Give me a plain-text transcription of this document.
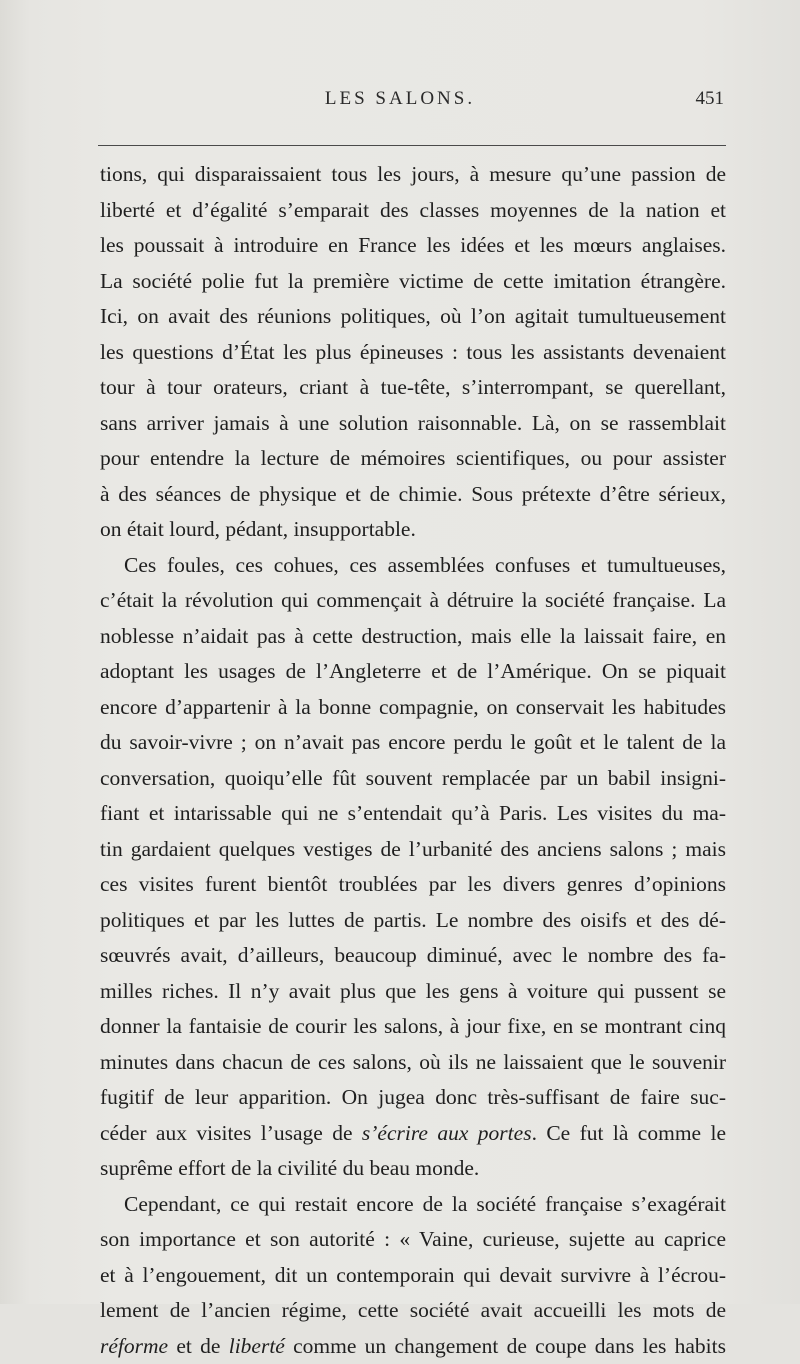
LES SALONS.	451
tions, qui disparaissaient tous les jours, à mesure qu’une passion de
liberté et d’égalité s’emparait des classes moyennes de la nation et
les poussait à introduire en France les idées et les mœurs anglaises.
La société polie fut la première victime de cette imitation étrangère.
Ici, on avait des réunions politiques, où l’on agitait tumultueusement
les questions d’État les plus épineuses : tous les assistants devenaient
tour à tour orateurs, criant à tue-tête, s’interrompant, se querellant,
sans arriver jamais à une solution raisonnable. Là, on se rassemblait
pour entendre la lecture de mémoires scientifiques, ou pour assister
à des séances de physique et de chimie. Sous prétexte d’être sérieux,
on était lourd, pédant, insupportable.
Ces foules, ces cohues, ces assemblées confuses et tumultueuses,
c’était la révolution qui commençait à détruire la société française. La
noblesse n’aidait pas à cette destruction, mais elle la laissait faire, en
adoptant les usages de l’Angleterre et de l’Amérique. On se piquait
encore d’appartenir à la bonne compagnie, on conservait les habitudes
du savoir-vivre ; on n’avait pas encore perdu le goût et le talent de la
conversation, quoiqu’elle fût souvent remplacée par un babil insigni-
fiant et intarissable qui ne s’entendait qu’à Paris. Les visites du ma-
tin gardaient quelques vestiges de l’urbanité des anciens salons ; mais
ces visites furent bientôt troublées par les divers genres d’opinions
politiques et par les luttes de partis. Le nombre des oisifs et des dé-
sœuvrés avait, d’ailleurs, beaucoup diminué, avec le nombre des fa-
milles riches. Il n’y avait plus que les gens à voiture qui pussent se
donner la fantaisie de courir les salons, à jour fixe, en se montrant cinq
minutes dans chacun de ces salons, où ils ne laissaient que le souvenir
fugitif de leur apparition. On jugea donc très-suffisant de faire suc-
céder aux visites l’usage de s’écrire aux portes. Ce fut là comme le
suprême effort de la civilité du beau monde.
Cependant, ce qui restait encore de la société française s’exagérait
son importance et son autorité : « Vaine, curieuse, sujette au caprice
et à l’engouement, dit un contemporain qui devait survivre à l’écrou-
lement de l’ancien régime, cette société avait accueilli les mots de
réforme et de liberté comme un changement de coupe dans les habits
